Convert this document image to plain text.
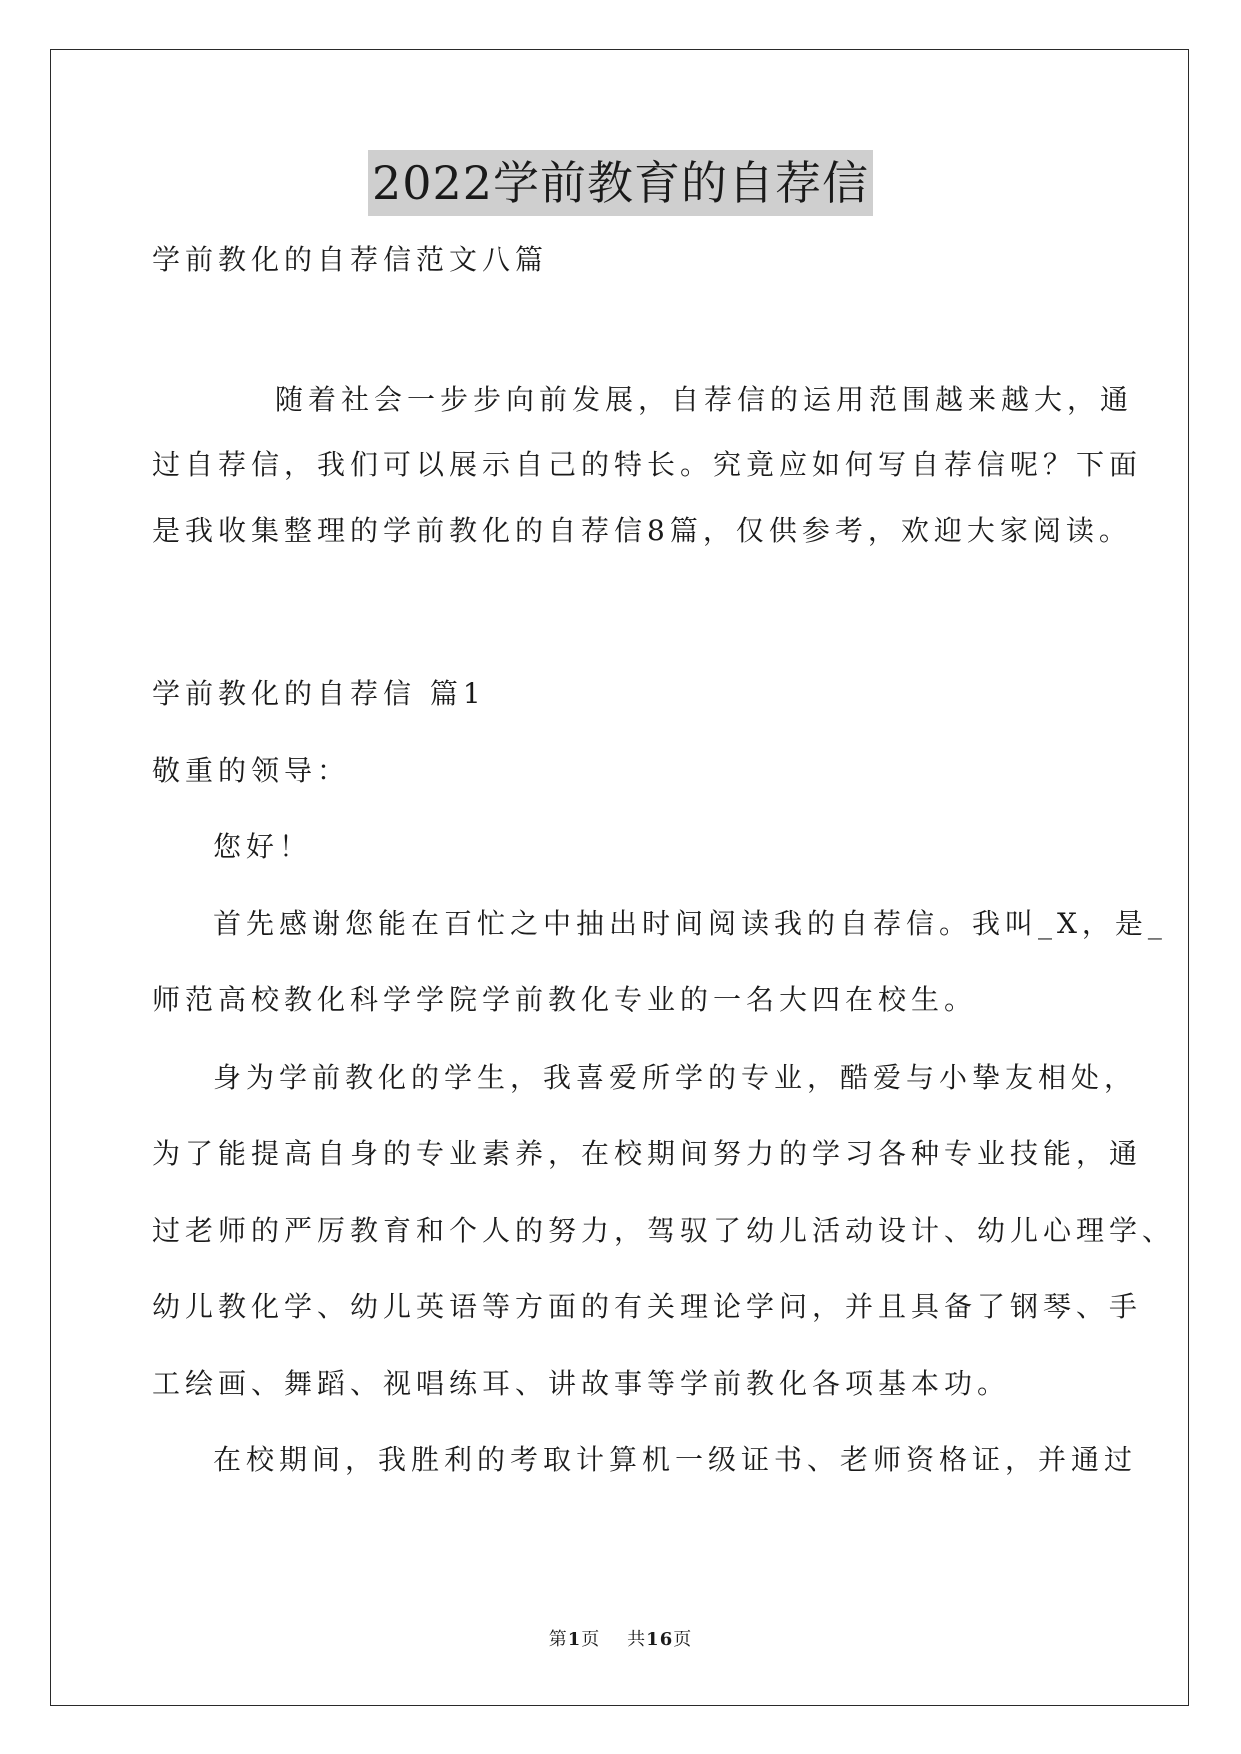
2022学前教育的自荐信
学前教化的自荐信范文八篇
随着社会一步步向前发展，自荐信的运用范围越来越大，通
过自荐信，我们可以展示自己的特长。究竟应如何写自荐信呢？下面
是我收集整理的学前教化的自荐信8篇，仅供参考，欢迎大家阅读。
学前教化的自荐信 篇1
敬重的领导：
您好！
首先感谢您能在百忙之中抽出时间阅读我的自荐信。我叫_X，是_
师范高校教化科学学院学前教化专业的一名大四在校生。
身为学前教化的学生，我喜爱所学的专业，酷爱与小挚友相处，
为了能提高自身的专业素养，在校期间努力的学习各种专业技能，通
过老师的严厉教育和个人的努力，驾驭了幼儿活动设计、幼儿心理学、
幼儿教化学、幼儿英语等方面的有关理论学问，并且具备了钢琴、手
工绘画、舞蹈、视唱练耳、讲故事等学前教化各项基本功。
在校期间，我胜利的考取计算机一级证书、老师资格证，并通过
第1页    共16页
